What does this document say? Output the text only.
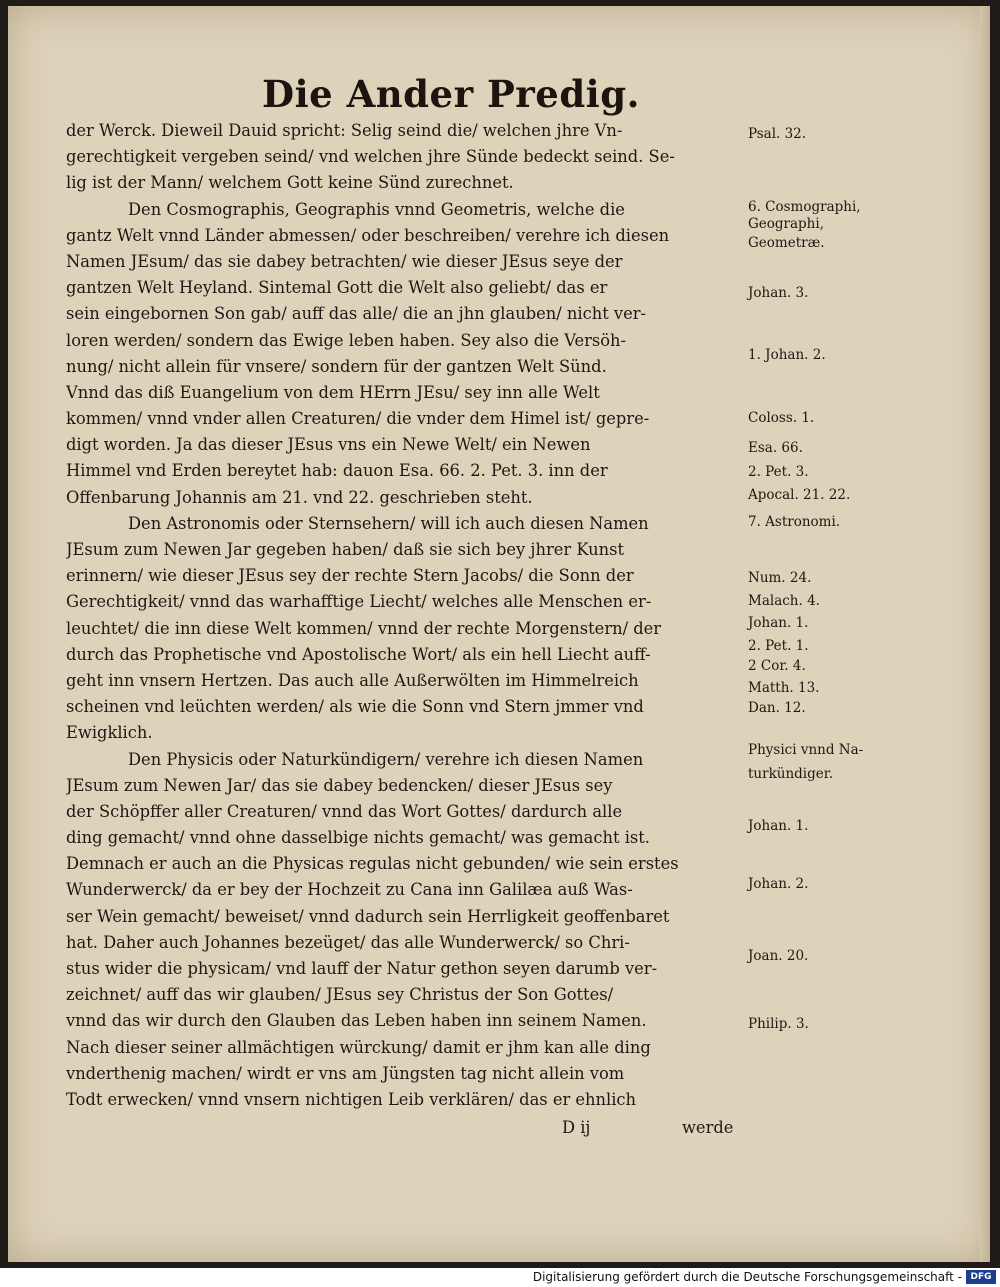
Die Ander Predig.
der Werck. Dieweil Dauid spricht: Selig seind die/ welchen jhre Vn-
gerechtigkeit vergeben seind/ vnd welchen jhre Sünde bedeckt seind. Se-
lig ist der Mann/ welchem Gott keine Sünd zurechnet.
Den Cosmographis, Geographis vnnd Geometris, welche die
gantz Welt vnnd Länder abmessen/ oder beschreiben/ verehre ich diesen
Namen JEsum/ das sie dabey betrachten/ wie dieser JEsus seye der
gantzen Welt Heyland. Sintemal Gott die Welt also geliebt/ das er
sein eingebornen Son gab/ auff das alle/ die an jhn glauben/ nicht ver-
loren werden/ sondern das Ewige leben haben. Sey also die Versöh-
nung/ nicht allein für vnsere/ sondern für der gantzen Welt Sünd.
Vnnd das diß Euangelium von dem HErrn JEsu/ sey inn alle Welt
kommen/ vnnd vnder allen Creaturen/ die vnder dem Himel ist/ gepre-
digt worden. Ja das dieser JEsus vns ein Newe Welt/ ein Newen
Himmel vnd Erden bereytet hab: dauon Esa. 66. 2. Pet. 3. inn der
Offenbarung Johannis am 21. vnd 22. geschrieben steht.
Den Astronomis oder Sternsehern/ will ich auch diesen Namen
JEsum zum Newen Jar gegeben haben/ daß sie sich bey jhrer Kunst
erinnern/ wie dieser JEsus sey der rechte Stern Jacobs/ die Sonn der
Gerechtigkeit/ vnnd das warhafftige Liecht/ welches alle Menschen er-
leuchtet/ die inn diese Welt kommen/ vnnd der rechte Morgenstern/ der
durch das Prophetische vnd Apostolische Wort/ als ein hell Liecht auff-
geht inn vnsern Hertzen. Das auch alle Außerwölten im Himmelreich
scheinen vnd leüchten werden/ als wie die Sonn vnd Stern jmmer vnd
Ewigklich.
Den Physicis oder Naturkündigern/ verehre ich diesen Namen
JEsum zum Newen Jar/ das sie dabey bedencken/ dieser JEsus sey
der Schöpffer aller Creaturen/ vnnd das Wort Gottes/ dardurch alle
ding gemacht/ vnnd ohne dasselbige nichts gemacht/ was gemacht ist.
Demnach er auch an die Physicas regulas nicht gebunden/ wie sein erstes
Wunderwerck/ da er bey der Hochzeit zu Cana inn Galilæa auß Was-
ser Wein gemacht/ beweiset/ vnnd dadurch sein Herrligkeit geoffenbaret
hat. Daher auch Johannes bezeüget/ das alle Wunderwerck/ so Chri-
stus wider die physicam/ vnd lauff der Natur gethon seyen darumb ver-
zeichnet/ auff das wir glauben/ JEsus sey Christus der Son Gottes/
vnnd das wir durch den Glauben das Leben haben inn seinem Namen.
Nach dieser seiner allmächtigen würckung/ damit er jhm kan alle ding
vnderthenig machen/ wirdt er vns am Jüngsten tag nicht allein vom
Todt erwecken/ vnnd vnsern nichtigen Leib verklären/ das er ehnlich
D ij	werde
Psal. 32.
6. Cosmographi,
Geographi,
Geometræ.
Johan. 3.
1. Johan. 2.
Coloss. 1.
Esa. 66.
2. Pet. 3.
Apocal. 21. 22.
7. Astronomi.
Num. 24.
Malach. 4.
Johan. 1.
2. Pet. 1.
2 Cor. 4.
Matth. 13.
Dan. 12.
Physici vnnd Na-
turkündiger.
Johan. 1.
Johan. 2.
Joan. 20.
Philip. 3.
Digitalisierung gefördert durch die Deutsche Forschungsgemeinschaft - DFG
